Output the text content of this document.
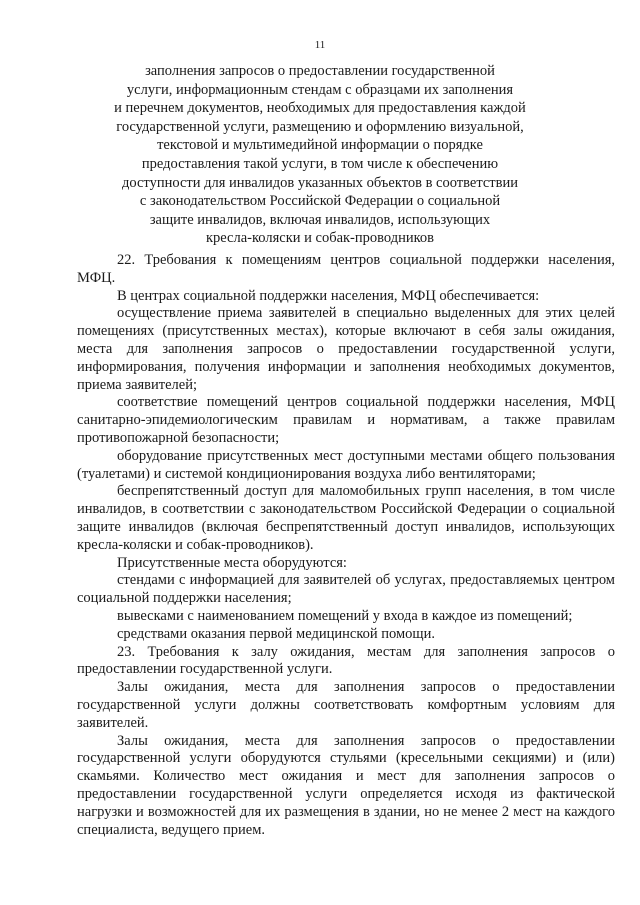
11
заполнения запросов о предоставлении государственной
услуги, информационным стендам с образцами их заполнения
и перечнем документов, необходимых для предоставления каждой
государственной услуги, размещению и оформлению визуальной,
текстовой и мультимедийной информации о порядке
предоставления такой услуги, в том числе к обеспечению
доступности для инвалидов указанных объектов в соответствии
с законодательством Российской Федерации о социальной
защите инвалидов, включая инвалидов, использующих
кресла-коляски и собак-проводников

22. Требования к помещениям центров социальной поддержки населения, МФЦ.

В центрах социальной поддержки населения, МФЦ обеспечивается:

осуществление приема заявителей в специально выделенных для этих целей помещениях (присутственных местах), которые включают в себя залы ожидания, места для заполнения запросов о предоставлении государственной услуги, информирования, получения информации и заполнения необходимых документов, приема заявителей;

соответствие помещений центров социальной поддержки населения, МФЦ санитарно-эпидемиологическим правилам и нормативам, а также правилам противопожарной безопасности;

оборудование присутственных мест доступными местами общего пользования (туалетами) и системой кондиционирования воздуха либо вентиляторами;

беспрепятственный доступ для маломобильных групп населения, в том числе инвалидов, в соответствии с законодательством Российской Федерации о социальной защите инвалидов (включая беспрепятственный доступ инвалидов, использующих кресла-коляски и собак-проводников).

Присутственные места оборудуются:

стендами с информацией для заявителей об услугах, предоставляемых центром социальной поддержки населения;

вывесками с наименованием помещений у входа в каждое из помещений;

средствами оказания первой медицинской помощи.

23. Требования к залу ожидания, местам для заполнения запросов о предоставлении государственной услуги.

Залы ожидания, места для заполнения запросов о предоставлении государственной услуги должны соответствовать комфортным условиям для заявителей.

Залы ожидания, места для заполнения запросов о предоставлении государственной услуги оборудуются стульями (кресельными секциями) и (или) скамьями. Количество мест ожидания и мест для заполнения запросов о предоставлении государственной услуги определяется исходя из фактической нагрузки и возможностей для их размещения в здании, но не менее 2 мест на каждого специалиста, ведущего прием.
